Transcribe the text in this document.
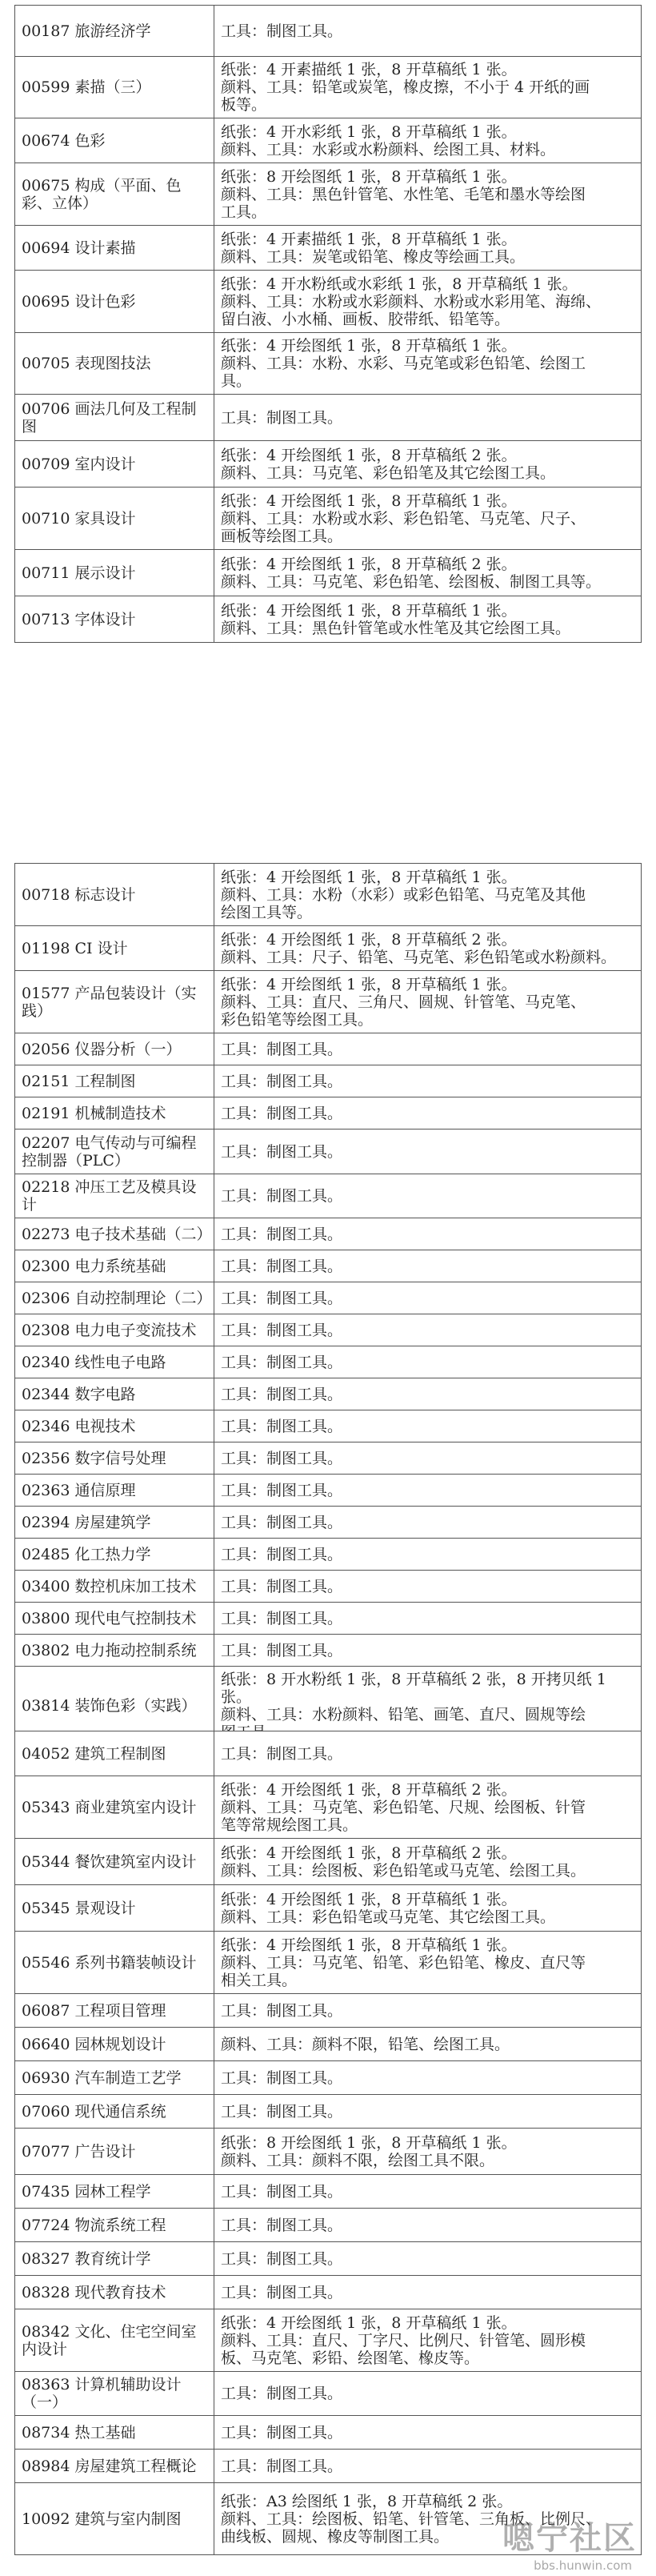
00187 旅游经济学	工具：制图工具。

00599 素描（三）	纸张：4 开素描纸 1 张，8 开草稿纸 1 张。
颜料、工具：铅笔或炭笔，橡皮擦，不小于 4 开纸的画
板等。

00674 色彩	纸张：4 开水彩纸 1 张，8 开草稿纸 1 张。
颜料、工具：水彩或水粉颜料、绘图工具、材料。

00675 构成（平面、色彩、立体）	纸张：8 开绘图纸 1 张，8 开草稿纸 1 张。
颜料、工具：黑色针管笔、水性笔、毛笔和墨水等绘图
工具。

00694 设计素描	纸张：4 开素描纸 1 张，8 开草稿纸 1 张。
颜料、工具：炭笔或铅笔、橡皮等绘画工具。

00695 设计色彩	纸张：4 开水粉纸或水彩纸 1 张，8 开草稿纸 1 张。
颜料、工具：水粉或水彩颜料、水粉或水彩用笔、海绵、
留白液、小水桶、画板、胶带纸、铅笔等。

00705 表现图技法	纸张：4 开绘图纸 1 张，8 开草稿纸 1 张。
颜料、工具：水粉、水彩、马克笔或彩色铅笔、绘图工
具。

00706 画法几何及工程制图	工具：制图工具。

00709 室内设计	纸张：4 开绘图纸 1 张，8 开草稿纸 2 张。
颜料、工具：马克笔、彩色铅笔及其它绘图工具。

00710 家具设计	纸张：4 开绘图纸 1 张，8 开草稿纸 1 张。
颜料、工具：水粉或水彩、彩色铅笔、马克笔、尺子、
画板等绘图工具。

00711 展示设计	纸张：4 开绘图纸 1 张，8 开草稿纸 2 张。
颜料、工具：马克笔、彩色铅笔、绘图板、制图工具等。

00713 字体设计	纸张：4 开绘图纸 1 张，8 开草稿纸 1 张。
颜料、工具：黑色针管笔或水性笔及其它绘图工具。
00718 标志设计	纸张：4 开绘图纸 1 张，8 开草稿纸 1 张。
颜料、工具：水粉（水彩）或彩色铅笔、马克笔及其他
绘图工具等。

01198 CI 设计	纸张：4 开绘图纸 1 张，8 开草稿纸 2 张。
颜料、工具：尺子、铅笔、马克笔、彩色铅笔或水粉颜料。

01577 产品包装设计（实践）	纸张：4 开绘图纸 1 张，8 开草稿纸 1 张。
颜料、工具：直尺、三角尺、圆规、针管笔、马克笔、
彩色铅笔等绘图工具。

02056 仪器分析（一）	工具：制图工具。

02151 工程制图	工具：制图工具。

02191 机械制造技术	工具：制图工具。

02207 电气传动与可编程控制器（PLC）	工具：制图工具。

02218 冲压工艺及模具设计	工具：制图工具。

02273 电子技术基础（二）	工具：制图工具。

02300 电力系统基础	工具：制图工具。

02306 自动控制理论（二）	工具：制图工具。

02308 电力电子变流技术	工具：制图工具。

02340 线性电子电路	工具：制图工具。

02344 数字电路	工具：制图工具。

02346 电视技术	工具：制图工具。

02356 数字信号处理	工具：制图工具。

02363 通信原理	工具：制图工具。

02394 房屋建筑学	工具：制图工具。

02485 化工热力学	工具：制图工具。

03400 数控机床加工技术	工具：制图工具。

03800 现代电气控制技术	工具：制图工具。

03802 电力拖动控制系统	工具：制图工具。

03814 装饰色彩（实践）	纸张：8 开水粉纸 1 张，8 开草稿纸 2 张，8 开拷贝纸 1
张。
颜料、工具：水粉颜料、铅笔、画笔、直尺、圆规等绘
04052 建筑工程制图	工具：制图工具。

05343 商业建筑室内设计	纸张：4 开绘图纸 1 张，8 开草稿纸 2 张。
颜料、工具：马克笔、彩色铅笔、尺规、绘图板、针管
笔等常规绘图工具。

05344 餐饮建筑室内设计	纸张：4 开绘图纸 1 张，8 开草稿纸 2 张。
颜料、工具：绘图板、彩色铅笔或马克笔、绘图工具。

05345 景观设计	纸张：4 开绘图纸 1 张，8 开草稿纸 1 张。
颜料、工具：彩色铅笔或马克笔、其它绘图工具。

05546 系列书籍装帧设计	纸张：4 开绘图纸 1 张，8 开草稿纸 1 张。
颜料、工具：马克笔、铅笔、彩色铅笔、橡皮、直尺等
相关工具。

06087 工程项目管理	工具：制图工具。

06640 园林规划设计	颜料、工具：颜料不限，铅笔、绘图工具。

06930 汽车制造工艺学	工具：制图工具。

07060 现代通信系统	工具：制图工具。

07077 广告设计	纸张：8 开绘图纸 1 张，8 开草稿纸 1 张。
颜料、工具：颜料不限，绘图工具不限。

07435 园林工程学	工具：制图工具。

07724 物流系统工程	工具：制图工具。

08327 教育统计学	工具：制图工具。

08328 现代教育技术	工具：制图工具。

08342 文化、住宅空间室内设计	纸张：4 开绘图纸 1 张，8 开草稿纸 1 张。
颜料、工具：直尺、丁字尺、比例尺、针管笔、圆形模
板、马克笔、彩铅、绘图笔、橡皮等。

08363 计算机辅助设计（一）	工具：制图工具。

08734 热工基础	工具：制图工具。

08984 房屋建筑工程概论	工具：制图工具。

10092 建筑与室内制图	纸张：A3 绘图纸 1 张，8 开草稿纸 2 张。
颜料、工具：绘图板、铅笔、针管笔、三角板、比例尺、
曲线板、圆规、橡皮等制图工具。	嗯宁社区
bbs.hunwin.com
